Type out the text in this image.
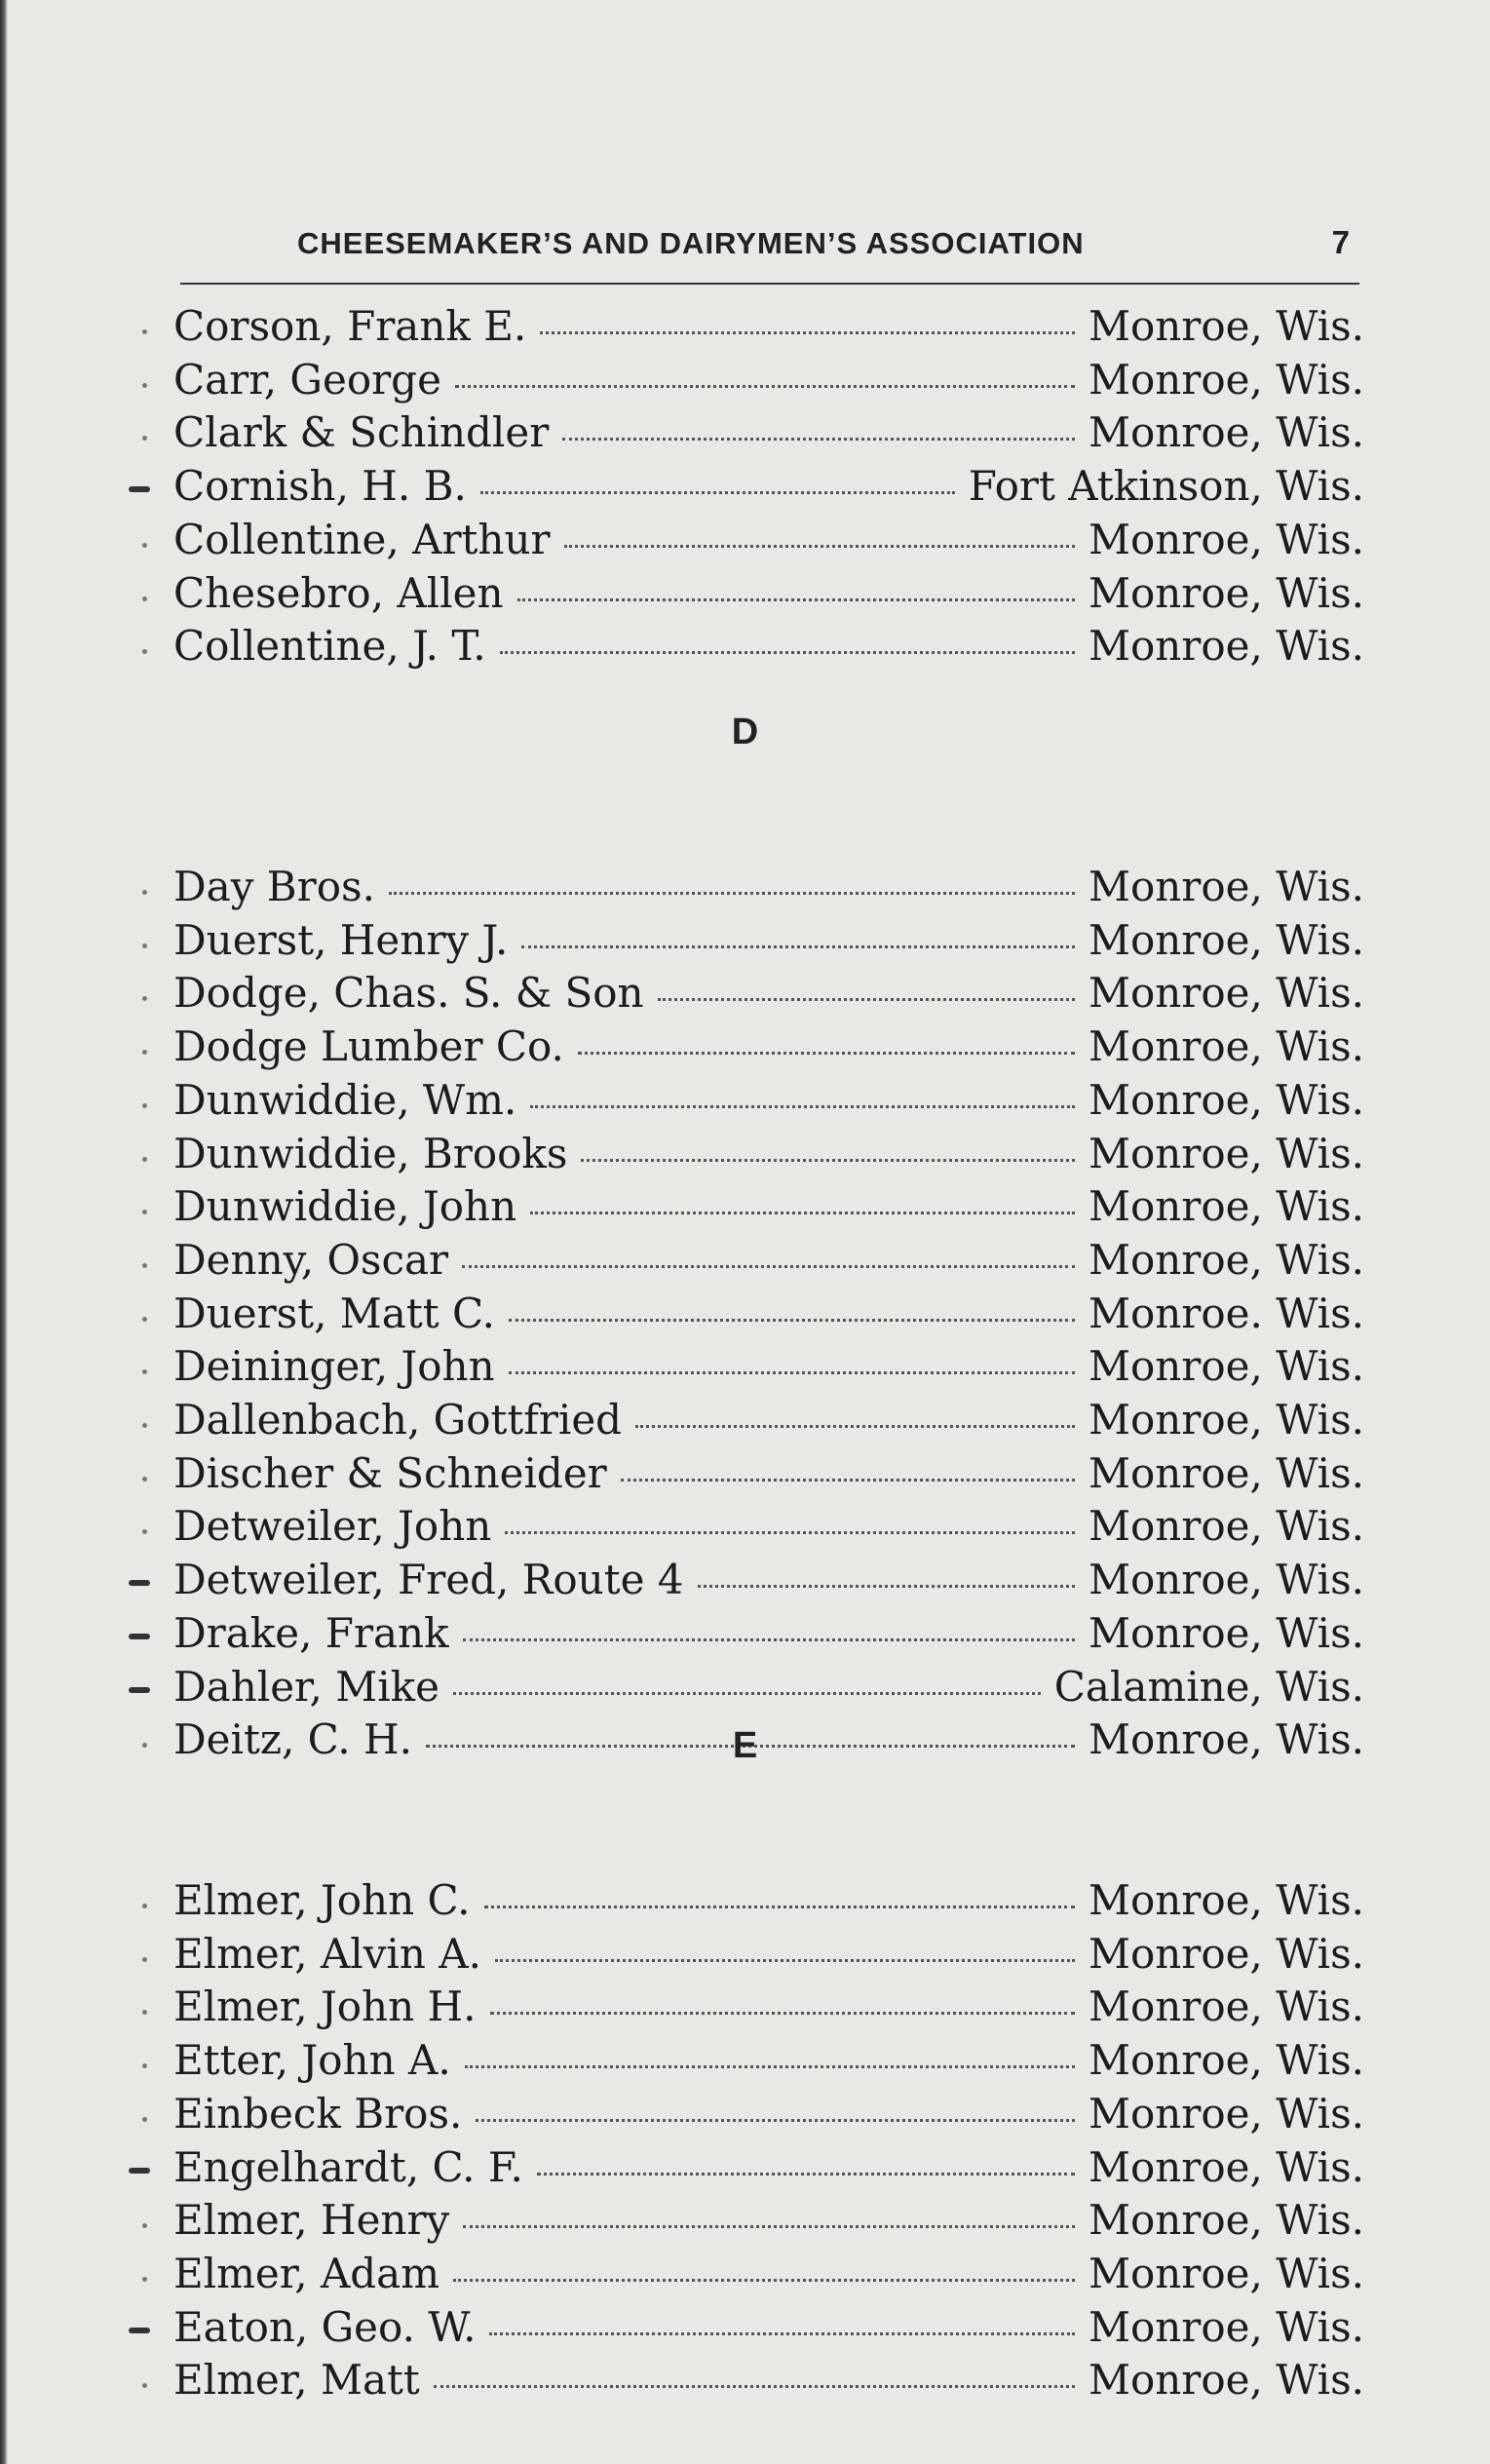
CHEESEMAKER’S AND DAIRYMEN’S ASSOCIATION	7
Corson, Frank E.	Monroe, Wis.
Carr, George	Monroe, Wis.
Clark & Schindler	Monroe, Wis.
Cornish, H. B.	Fort Atkinson, Wis.
Collentine, Arthur	Monroe, Wis.
Chesebro, Allen	Monroe, Wis.
Collentine, J. T.	Monroe, Wis.
D
Day Bros.	Monroe, Wis.
Duerst, Henry J.	Monroe, Wis.
Dodge, Chas. S. & Son	Monroe, Wis.
Dodge Lumber Co.	Monroe, Wis.
Dunwiddie, Wm.	Monroe, Wis.
Dunwiddie, Brooks	Monroe, Wis.
Dunwiddie, John	Monroe, Wis.
Denny, Oscar	Monroe, Wis.
Duerst, Matt C.	Monroe. Wis.
Deininger, John	Monroe, Wis.
Dallenbach, Gottfried	Monroe, Wis.
Discher & Schneider	Monroe, Wis.
Detweiler, John	Monroe, Wis.
Detweiler, Fred, Route 4	Monroe, Wis.
Drake, Frank	Monroe, Wis.
Dahler, Mike	Calamine, Wis.
Deitz, C. H.	Monroe, Wis.
E
Elmer, John C.	Monroe, Wis.
Elmer, Alvin A.	Monroe, Wis.
Elmer, John H.	Monroe, Wis.
Etter, John A.	Monroe, Wis.
Einbeck Bros.	Monroe, Wis.
Engelhardt, C. F.	Monroe, Wis.
Elmer, Henry	Monroe, Wis.
Elmer, Adam	Monroe, Wis.
Eaton, Geo. W.	Monroe, Wis.
Elmer, Matt	Monroe, Wis.
